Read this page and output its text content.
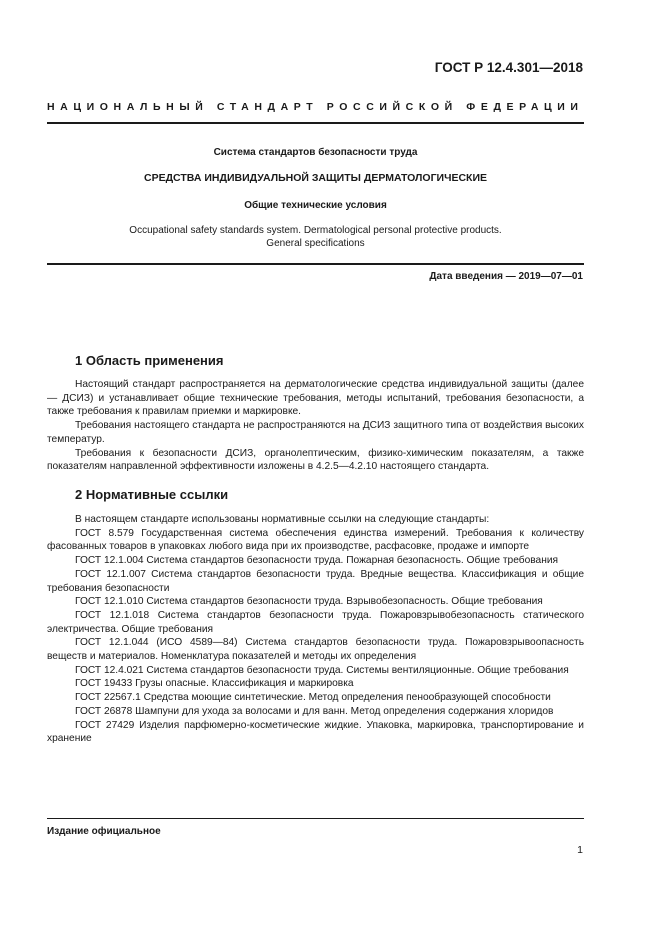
ГОСТ Р 12.4.301—2018
НАЦИОНАЛЬНЫЙ СТАНДАРТ РОССИЙСКОЙ ФЕДЕРАЦИИ
Система стандартов безопасности труда
СРЕДСТВА ИНДИВИДУАЛЬНОЙ ЗАЩИТЫ ДЕРМАТОЛОГИЧЕСКИЕ
Общие технические условия
Occupational safety standards system. Dermatological personal protective products.
General specifications
Дата введения — 2019—07—01
1 Область применения

Настоящий стандарт распространяется на дерматологические средства индивидуальной защиты (далее — ДСИЗ) и устанавливает общие технические требования, методы испытаний, требования безопасности, а также требования к правилам приемки и маркировке.

Требования настоящего стандарта не распространяются на ДСИЗ защитного типа от воздействия высоких температур.

Требования к безопасности ДСИЗ, органолептическим, физико-химическим показателям, а также показателям направленной эффективности изложены в 4.2.5—4.2.10 настоящего стандарта.

2 Нормативные ссылки

В настоящем стандарте использованы нормативные ссылки на следующие стандарты:

ГОСТ 8.579 Государственная система обеспечения единства измерений. Требования к количеству фасованных товаров в упаковках любого вида при их производстве, расфасовке, продаже и импорте

ГОСТ 12.1.004 Система стандартов безопасности труда. Пожарная безопасность. Общие требования

ГОСТ 12.1.007 Система стандартов безопасности труда. Вредные вещества. Классификация и общие требования безопасности

ГОСТ 12.1.010 Система стандартов безопасности труда. Взрывобезопасность. Общие требования

ГОСТ 12.1.018 Система стандартов безопасности труда. Пожаровзрывобезопасность статического электричества. Общие требования

ГОСТ 12.1.044 (ИСО 4589—84) Система стандартов безопасности труда. Пожаровзрывоопасность веществ и материалов. Номенклатура показателей и методы их определения

ГОСТ 12.4.021 Система стандартов безопасности труда. Системы вентиляционные. Общие требования

ГОСТ 19433 Грузы опасные. Классификация и маркировка

ГОСТ 22567.1 Средства моющие синтетические. Метод определения пенообразующей способности

ГОСТ 26878 Шампуни для ухода за волосами и для ванн. Метод определения содержания хлоридов

ГОСТ 27429 Изделия парфюмерно-косметические жидкие. Упаковка, маркировка, транспортирование и хранение

Издание официальное
1
